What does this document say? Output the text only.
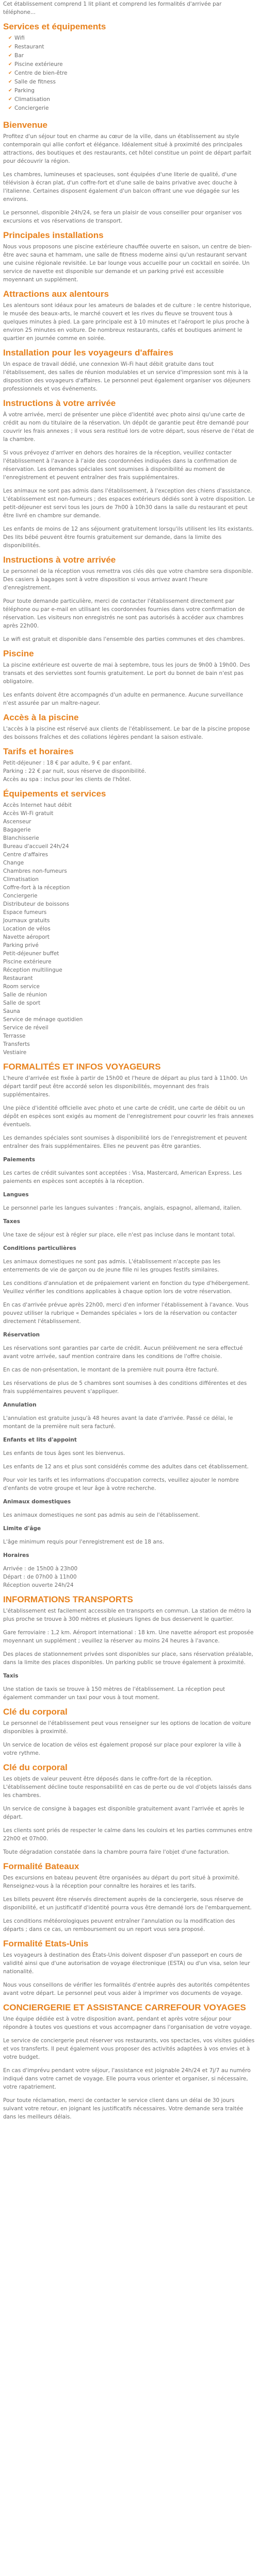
Cet établissement comprend 1 lit pliant et comprend les formalités d'arrivée par téléphone...

Services et équipements
✔ Wifi
✔ Restaurant
✔ Bar
✔ Piscine extérieure
✔ Centre de bien-être
✔ Salle de fitness
✔ Parking
✔ Climatisation
✔ Conciergerie
Bienvenue

Profitez d'un séjour tout en charme au cœur de la ville, dans un établissement au style contemporain qui allie confort et élégance. Idéalement situé à proximité des principales attractions, des boutiques et des restaurants, cet hôtel constitue un point de départ parfait pour découvrir la région.

Les chambres, lumineuses et spacieuses, sont équipées d'une literie de qualité, d'une télévision à écran plat, d'un coffre-fort et d'une salle de bains privative avec douche à l'italienne. Certaines disposent également d'un balcon offrant une vue dégagée sur les environs.

Le personnel, disponible 24h/24, se fera un plaisir de vous conseiller pour organiser vos excursions et vos réservations de transport.

Principales installations

Nous vous proposons une piscine extérieure chauffée ouverte en saison, un centre de bien-être avec sauna et hammam, une salle de fitness moderne ainsi qu'un restaurant servant une cuisine régionale revisitée. Le bar lounge vous accueille pour un cocktail en soirée. Un service de navette est disponible sur demande et un parking privé est accessible moyennant un supplément.

Attractions aux alentours

Les alentours sont idéaux pour les amateurs de balades et de culture : le centre historique, le musée des beaux-arts, le marché couvert et les rives du fleuve se trouvent tous à quelques minutes à pied. La gare principale est à 10 minutes et l'aéroport le plus proche à environ 25 minutes en voiture. De nombreux restaurants, cafés et boutiques animent le quartier en journée comme en soirée.

Installation pour les voyageurs d'affaires

Un espace de travail dédié, une connexion Wi-Fi haut débit gratuite dans tout l'établissement, des salles de réunion modulables et un service d'impression sont mis à la disposition des voyageurs d'affaires. Le personnel peut également organiser vos déjeuners professionnels et vos événements.

Instructions à votre arrivée

À votre arrivée, merci de présenter une pièce d'identité avec photo ainsi qu'une carte de crédit au nom du titulaire de la réservation. Un dépôt de garantie peut être demandé pour couvrir les frais annexes ; il vous sera restitué lors de votre départ, sous réserve de l'état de la chambre.

Si vous prévoyez d'arriver en dehors des horaires de la réception, veuillez contacter l'établissement à l'avance à l'aide des coordonnées indiquées dans la confirmation de réservation. Les demandes spéciales sont soumises à disponibilité au moment de l'enregistrement et peuvent entraîner des frais supplémentaires.

Les animaux ne sont pas admis dans l'établissement, à l'exception des chiens d'assistance. L'établissement est non-fumeurs ; des espaces extérieurs dédiés sont à votre disposition. Le petit-déjeuner est servi tous les jours de 7h00 à 10h30 dans la salle du restaurant et peut être livré en chambre sur demande.

Les enfants de moins de 12 ans séjournent gratuitement lorsqu'ils utilisent les lits existants. Des lits bébé peuvent être fournis gratuitement sur demande, dans la limite des disponibilités.

Instructions à votre arrivée

Le personnel de la réception vous remettra vos clés dès que votre chambre sera disponible. Des casiers à bagages sont à votre disposition si vous arrivez avant l'heure d'enregistrement.

Pour toute demande particulière, merci de contacter l'établissement directement par téléphone ou par e-mail en utilisant les coordonnées fournies dans votre confirmation de réservation. Les visiteurs non enregistrés ne sont pas autorisés à accéder aux chambres après 22h00.

Le wifi est gratuit et disponible dans l'ensemble des parties communes et des chambres.

Piscine

La piscine extérieure est ouverte de mai à septembre, tous les jours de 9h00 à 19h00. Des transats et des serviettes sont fournis gratuitement. Le port du bonnet de bain n'est pas obligatoire.

Les enfants doivent être accompagnés d'un adulte en permanence. Aucune surveillance n'est assurée par un maître-nageur.

Accès à la piscine

L'accès à la piscine est réservé aux clients de l'établissement. Le bar de la piscine propose des boissons fraîches et des collations légères pendant la saison estivale.

Tarifs et horaires
Petit-déjeuner : 18 € par adulte, 9 € par enfant.
Parking : 22 € par nuit, sous réserve de disponibilité.
Accès au spa : inclus pour les clients de l'hôtel.
Équipements et services
Accès Internet haut débit
Accès Wi-Fi gratuit
Ascenseur
Bagagerie
Blanchisserie
Bureau d'accueil 24h/24
Centre d'affaires
Change
Chambres non-fumeurs
Climatisation
Coffre-fort à la réception
Conciergerie
Distributeur de boissons
Espace fumeurs
Journaux gratuits
Location de vélos
Navette aéroport
Parking privé
Petit-déjeuner buffet
Piscine extérieure
Réception multilingue
Restaurant
Room service
Salle de réunion
Salle de sport
Sauna
Service de ménage quotidien
Service de réveil
Terrasse
Transferts
Vestiaire
FORMALITÉS ET INFOS VOYAGEURS

L'heure d'arrivée est fixée à partir de 15h00 et l'heure de départ au plus tard à 11h00. Un départ tardif peut être accordé selon les disponibilités, moyennant des frais supplémentaires.

Une pièce d'identité officielle avec photo et une carte de crédit, une carte de débit ou un dépôt en espèces sont exigés au moment de l'enregistrement pour couvrir les frais annexes éventuels.

Les demandes spéciales sont soumises à disponibilité lors de l'enregistrement et peuvent entraîner des frais supplémentaires. Elles ne peuvent pas être garanties.

Paiements

Les cartes de crédit suivantes sont acceptées : Visa, Mastercard, American Express. Les paiements en espèces sont acceptés à la réception.

Langues

Le personnel parle les langues suivantes : français, anglais, espagnol, allemand, italien.

Taxes

Une taxe de séjour est à régler sur place, elle n'est pas incluse dans le montant total.

Conditions particulières

Les animaux domestiques ne sont pas admis. L'établissement n'accepte pas les enterrements de vie de garçon ou de jeune fille ni les groupes festifs similaires.

Les conditions d'annulation et de prépaiement varient en fonction du type d'hébergement. Veuillez vérifier les conditions applicables à chaque option lors de votre réservation.

En cas d'arrivée prévue après 22h00, merci d'en informer l'établissement à l'avance. Vous pouvez utiliser la rubrique « Demandes spéciales » lors de la réservation ou contacter directement l'établissement.

Réservation

Les réservations sont garanties par carte de crédit. Aucun prélèvement ne sera effectué avant votre arrivée, sauf mention contraire dans les conditions de l'offre choisie.

En cas de non-présentation, le montant de la première nuit pourra être facturé.

Les réservations de plus de 5 chambres sont soumises à des conditions différentes et des frais supplémentaires peuvent s'appliquer.

Annulation

L'annulation est gratuite jusqu'à 48 heures avant la date d'arrivée. Passé ce délai, le montant de la première nuit sera facturé.

Enfants et lits d'appoint

Les enfants de tous âges sont les bienvenus.

Les enfants de 12 ans et plus sont considérés comme des adultes dans cet établissement.

Pour voir les tarifs et les informations d'occupation corrects, veuillez ajouter le nombre d'enfants de votre groupe et leur âge à votre recherche.

Animaux domestiques

Les animaux domestiques ne sont pas admis au sein de l'établissement.

Limite d'âge

L'âge minimum requis pour l'enregistrement est de 18 ans.

Horaires

Arrivée : de 15h00 à 23h00
Départ : de 07h00 à 11h00
Réception ouverte 24h/24
INFORMATIONS TRANSPORTS

L'établissement est facilement accessible en transports en commun. La station de métro la plus proche se trouve à 300 mètres et plusieurs lignes de bus desservent le quartier.

Gare ferroviaire : 1,2 km. Aéroport international : 18 km. Une navette aéroport est proposée moyennant un supplément ; veuillez la réserver au moins 24 heures à l'avance.

Des places de stationnement privées sont disponibles sur place, sans réservation préalable, dans la limite des places disponibles. Un parking public se trouve également à proximité.

Taxis

Une station de taxis se trouve à 150 mètres de l'établissement. La réception peut également commander un taxi pour vous à tout moment.

Clé du corporal

Le personnel de l'établissement peut vous renseigner sur les options de location de voiture disponibles à proximité.

Un service de location de vélos est également proposé sur place pour explorer la ville à votre rythme.

Clé du corporal

Les objets de valeur peuvent être déposés dans le coffre-fort de la réception. L'établissement décline toute responsabilité en cas de perte ou de vol d'objets laissés dans les chambres.

Un service de consigne à bagages est disponible gratuitement avant l'arrivée et après le départ.

Les clients sont priés de respecter le calme dans les couloirs et les parties communes entre 22h00 et 07h00.

Toute dégradation constatée dans la chambre pourra faire l'objet d'une facturation.

Formalité Bateaux

Des excursions en bateau peuvent être organisées au départ du port situé à proximité. Renseignez-vous à la réception pour connaître les horaires et les tarifs.

Les billets peuvent être réservés directement auprès de la conciergerie, sous réserve de disponibilité, et un justificatif d'identité pourra vous être demandé lors de l'embarquement.

Les conditions météorologiques peuvent entraîner l'annulation ou la modification des départs ; dans ce cas, un remboursement ou un report vous sera proposé.

Formalité Etats-Unis

Les voyageurs à destination des États-Unis doivent disposer d'un passeport en cours de validité ainsi que d'une autorisation de voyage électronique (ESTA) ou d'un visa, selon leur nationalité.

Nous vous conseillons de vérifier les formalités d'entrée auprès des autorités compétentes avant votre départ. Le personnel peut vous aider à imprimer vos documents de voyage.

CONCIERGERIE ET ASSISTANCE CARREFOUR VOYAGES

Une équipe dédiée est à votre disposition avant, pendant et après votre séjour pour répondre à toutes vos questions et vous accompagner dans l'organisation de votre voyage.

Le service de conciergerie peut réserver vos restaurants, vos spectacles, vos visites guidées et vos transferts. Il peut également vous proposer des activités adaptées à vos envies et à votre budget.

En cas d'imprévu pendant votre séjour, l'assistance est joignable 24h/24 et 7j/7 au numéro indiqué dans votre carnet de voyage. Elle pourra vous orienter et organiser, si nécessaire, votre rapatriement.

Pour toute réclamation, merci de contacter le service client dans un délai de 30 jours suivant votre retour, en joignant les justificatifs nécessaires. Votre demande sera traitée dans les meilleurs délais.
